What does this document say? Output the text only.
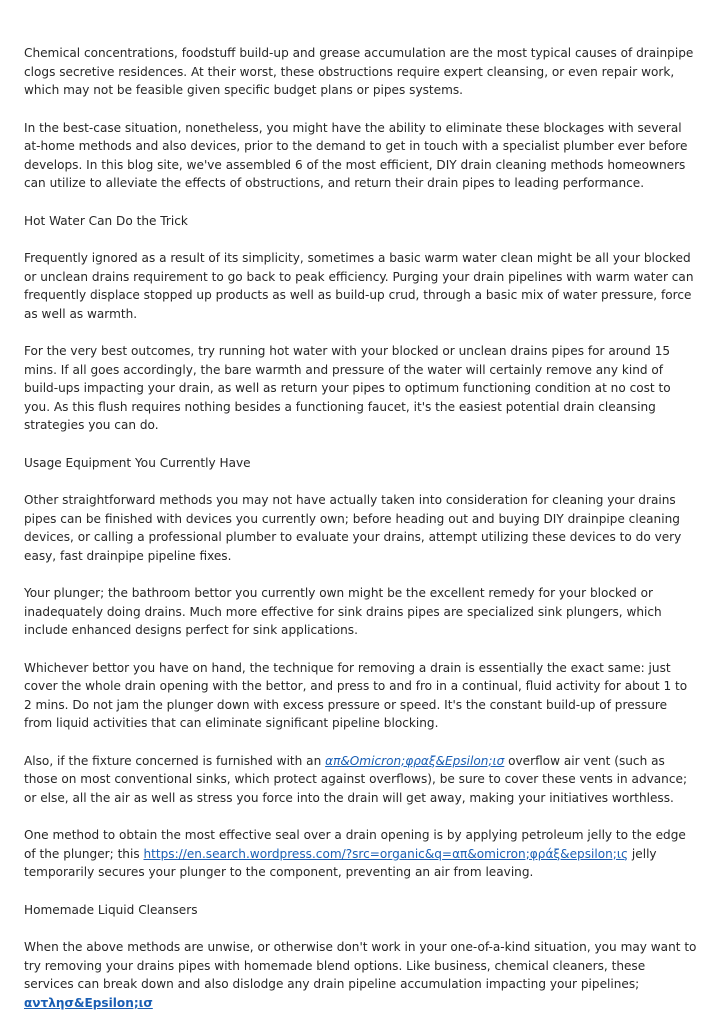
Chemical concentrations, foodstuff build-up and grease accumulation are the most typical causes of drainpipe clogs secretive residences. At their worst, these obstructions require expert cleansing, or even repair work, which may not be feasible given specific budget plans or pipes systems.

In the best-case situation, nonetheless, you might have the ability to eliminate these blockages with several at-home methods and also devices, prior to the demand to get in touch with a specialist plumber ever before develops. In this blog site, we've assembled 6 of the most efficient, DIY drain cleaning methods homeowners can utilize to alleviate the effects of obstructions, and return their drain pipes to leading performance.

Hot Water Can Do the Trick

Frequently ignored as a result of its simplicity, sometimes a basic warm water clean might be all your blocked or unclean drains requirement to go back to peak efficiency. Purging your drain pipelines with warm water can frequently displace stopped up products as well as build-up crud, through a basic mix of water pressure, force as well as warmth.

For the very best outcomes, try running hot water with your blocked or unclean drains pipes for around 15 mins. If all goes accordingly, the bare warmth and pressure of the water will certainly remove any kind of build-ups impacting your drain, as well as return your pipes to optimum functioning condition at no cost to you. As this flush requires nothing besides a functioning faucet, it's the easiest potential drain cleansing strategies you can do.

Usage Equipment You Currently Have

Other straightforward methods you may not have actually taken into consideration for cleaning your drains pipes can be finished with devices you currently own; before heading out and buying DIY drainpipe cleaning devices, or calling a professional plumber to evaluate your drains, attempt utilizing these devices to do very easy, fast drainpipe pipeline fixes.

Your plunger; the bathroom bettor you currently own might be the excellent remedy for your blocked or inadequately doing drains. Much more effective for sink drains pipes are specialized sink plungers, which include enhanced designs perfect for sink applications.

Whichever bettor you have on hand, the technique for removing a drain is essentially the exact same: just cover the whole drain opening with the bettor, and press to and fro in a continual, fluid activity for about 1 to 2 mins. Do not jam the plunger down with excess pressure or speed. It's the constant build-up of pressure from liquid activities that can eliminate significant pipeline blocking.

Also, if the fixture concerned is furnished with an απ&Omicron;φραξ&Epsilon;ισ overflow air vent (such as those on most conventional sinks, which protect against overflows), be sure to cover these vents in advance; or else, all the air as well as stress you force into the drain will get away, making your initiatives worthless.

One method to obtain the most effective seal over a drain opening is by applying petroleum jelly to the edge of the plunger; this https://en.search.wordpress.com/?src=organic&q=απ&omicron;φράξ&epsilon;ις jelly temporarily secures your plunger to the component, preventing an air from leaving.

Homemade Liquid Cleansers

When the above methods are unwise, or otherwise don't work in your one-of-a-kind situation, you may want to try removing your drains pipes with homemade blend options. Like business, chemical cleaners, these services can break down and also dislodge any drain pipeline accumulation impacting your pipelines; αντλησ&Epsilon;ισ
